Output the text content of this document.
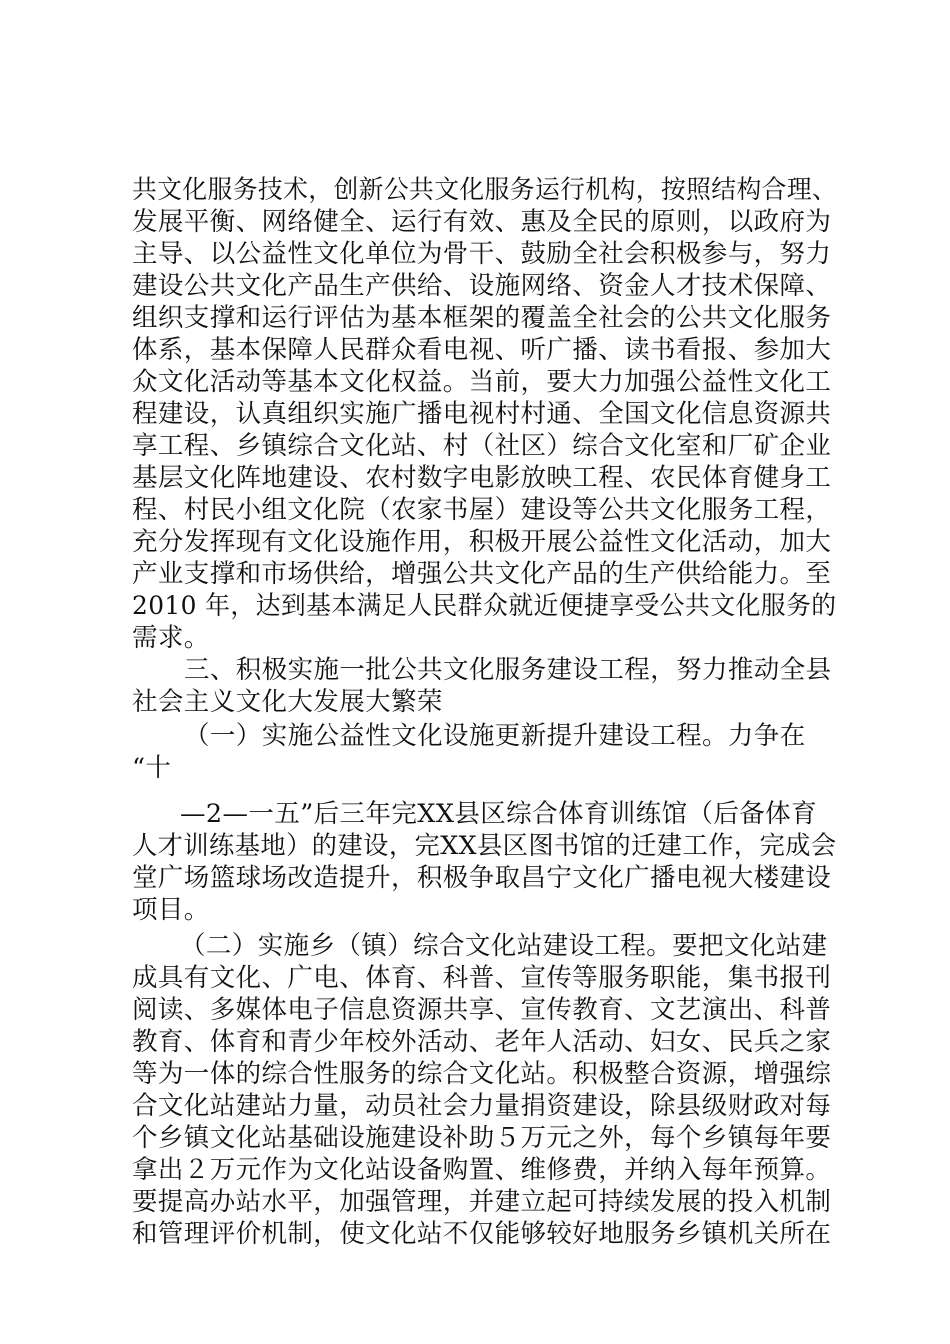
共文化服务技术，创新公共文化服务运行机构，按照结构合理、
发展平衡、网络健全、运行有效、惠及全民的原则，以政府为
主导、以公益性文化单位为骨干、鼓励全社会积极参与，努力
建设公共文化产品生产供给、设施网络、资金人才技术保障、
组织支撑和运行评估为基本框架的覆盖全社会的公共文化服务
体系，基本保障人民群众看电视、听广播、读书看报、参加大
众文化活动等基本文化权益。当前，要大力加强公益性文化工
程建设，认真组织实施广播电视村村通、全国文化信息资源共
享工程、乡镇综合文化站、村（社区）综合文化室和厂矿企业
基层文化阵地建设、农村数字电影放映工程、农民体育健身工
程、村民小组文化院（农家书屋）建设等公共文化服务工程，
充分发挥现有文化设施作用，积极开展公益性文化活动，加大
产业支撑和市场供给，增强公共文化产品的生产供给能力。至
2010 年，达到基本满足人民群众就近便捷享受公共文化服务的
需求。
三、积极实施一批公共文化服务建设工程，努力推动全县
社会主义文化大发展大繁荣
（一）实施公益性文化设施更新提升建设工程。力争在
“十
—2—一五”后三年完XX县区综合体育训练馆（后备体育
人才训练基地）的建设，完XX县区图书馆的迁建工作，完成会
堂广场篮球场改造提升，积极争取昌宁文化广播电视大楼建设
项目。
（二）实施乡（镇）综合文化站建设工程。要把文化站建
成具有文化、广电、体育、科普、宣传等服务职能，集书报刊
阅读、多媒体电子信息资源共享、宣传教育、文艺演出、科普
教育、体育和青少年校外活动、老年人活动、妇女、民兵之家
等为一体的综合性服务的综合文化站。积极整合资源，增强综
合文化站建站力量，动员社会力量捐资建设，除县级财政对每
个乡镇文化站基础设施建设补助５万元之外，每个乡镇每年要
拿出２万元作为文化站设备购置、维修费，并纳入每年预算。
要提高办站水平，加强管理，并建立起可持续发展的投入机制
和管理评价机制，使文化站不仅能够较好地服务乡镇机关所在
